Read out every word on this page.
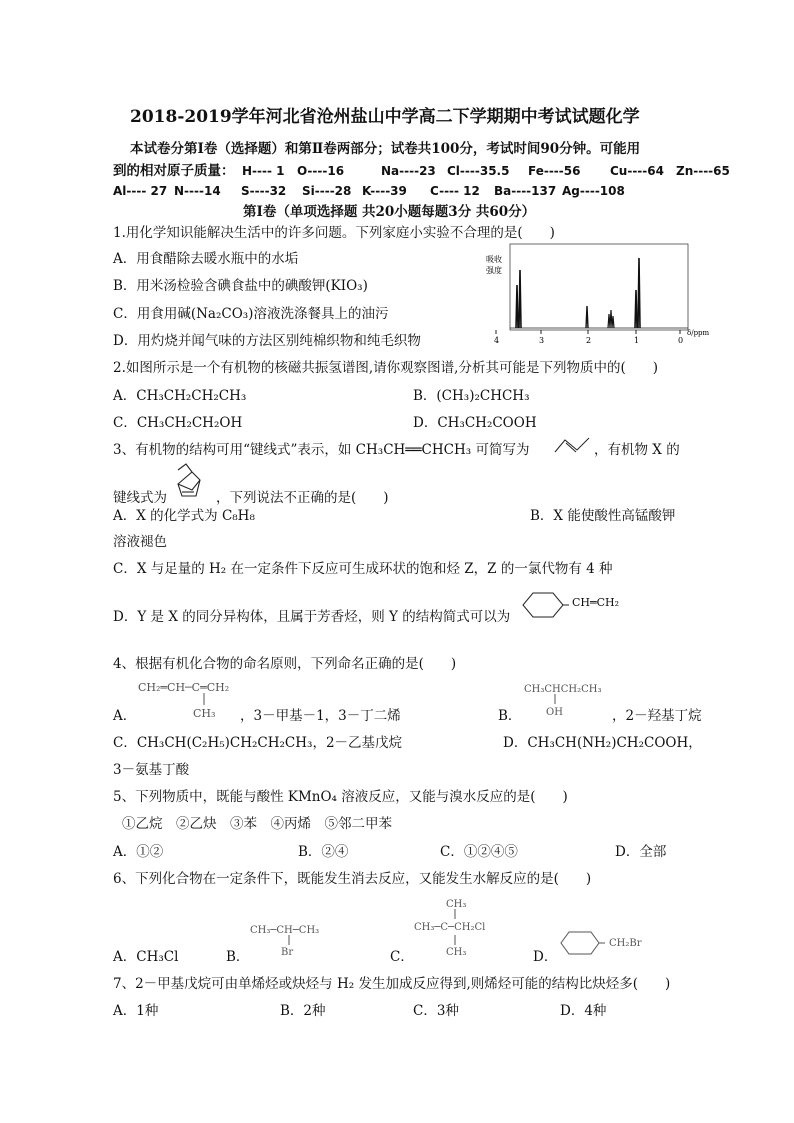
2018-2019学年河北省沧州盐山中学高二下学期期中考试试题化学
本试卷分第Ⅰ卷（选择题）和第Ⅱ卷两部分；试卷共100分，考试时间90分钟。可能用
到的相对原子质量： H---- 1 O----16	Na----23 Cl----35.5 Fe----56 Cu----64 Zn----65
Al---- 27 N----14 S----32 Si----28 K----39 C---- 12 Ba----137 Ag----108
第Ⅰ卷（单项选择题 共20小题每题3分 共60分）
1.用化学知识能解决生活中的许多问题。下列家庭小实验不合理的是(　　)
A．用食醋除去暖水瓶中的水垢
B．用米汤检验含碘食盐中的碘酸钾(KIO₃)
C．用食用碱(Na₂CO₃)溶液洗涤餐具上的油污
D．用灼烧并闻气味的方法区别纯棉织物和纯毛织物
吸收
强度
4	3	2	1	0
δ/ppm
2.如图所示是一个有机物的核磁共振氢谱图,请你观察图谱,分析其可能是下列物质中的(　　)
A．CH₃CH₂CH₂CH₃	B．(CH₃)₂CHCH₃
C．CH₃CH₂CH₂OH	D．CH₃CH₂COOH
3、有机物的结构可用“键线式”表示，如 CH₃CH══CHCH₃ 可简写为	，有机物 X 的
键线式为	，下列说法不正确的是(　　)
A．X 的化学式为 C₈H₈	B．X 能使酸性高锰酸钾
溶液褪色
C．X 与足量的 H₂ 在一定条件下反应可生成环状的饱和烃 Z，Z 的一氯代物有 4 种
D．Y 是 X 的同分异构体，且属于芳香烃，则 Y 的结构简式可以为
CH═CH₂
4、根据有机化合物的命名原则，下列命名正确的是(　　)
A．
CH₂═CH─C═CH₂
CH₃ ，3－甲基－1，3－丁二烯	B．
CH₃CHCH₂CH₃
OH	，2－羟基丁烷
C．CH₃CH(C₂H₅)CH₂CH₂CH₃，2－乙基戊烷	D．CH₃CH(NH₂)CH₂COOH，
3－氨基丁酸
5、下列物质中，既能与酸性 KMnO₄ 溶液反应，又能与溴水反应的是(　　)
①乙烷　②乙炔　③苯　④丙烯　⑤邻二甲苯
A．①②	B．②④	C．①②④⑤	D．全部
6、下列化合物在一定条件下，既能发生消去反应，又能发生水解反应的是(　　)
A．CH₃Cl	B．
CH₃─CH─CH₃
Br	C．
CH₃
CH₃─C─CH₂Cl
CH₃	D．
CH₂Br
7、2－甲基戊烷可由单烯烃或炔烃与 H₂ 发生加成反应得到,则烯烃可能的结构比炔烃多(　　)
A．1种	B．2种	C．3种	D．4种
